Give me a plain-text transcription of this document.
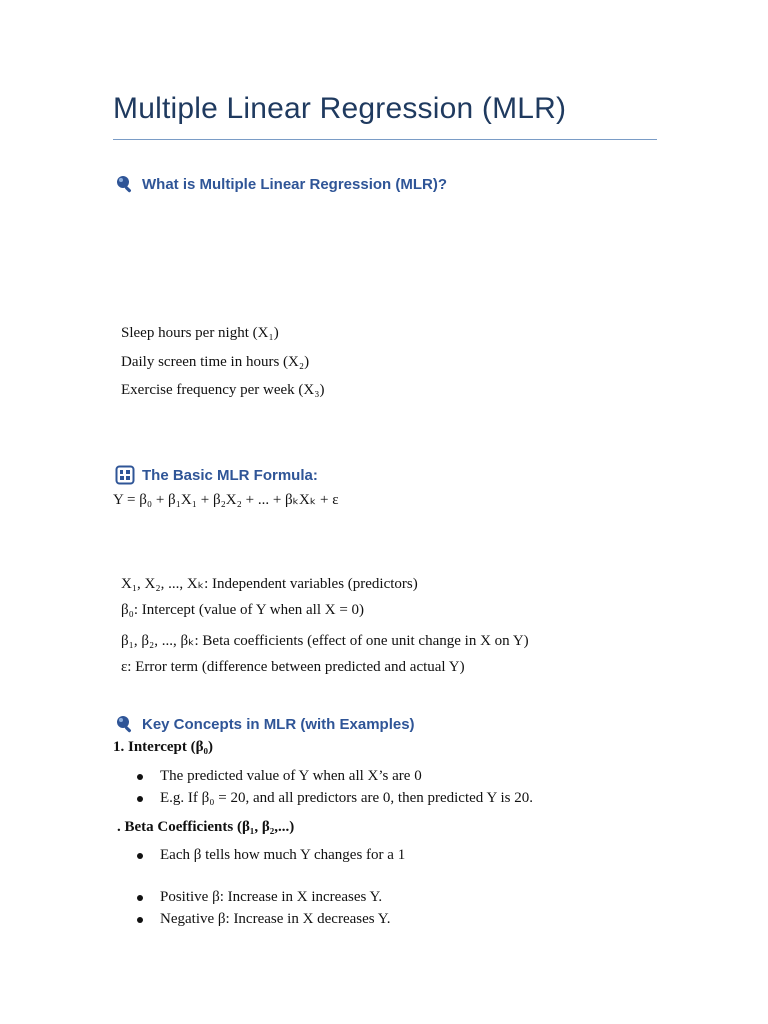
Multiple Linear Regression (MLR)
What is Multiple Linear Regression (MLR)?
Sleep hours per night (X₁)
Daily screen time in hours (X₂)
Exercise frequency per week (X₃)
The Basic MLR Formula:
Y = β₀ + β₁X₁ + β₂X₂ + ... + βₖXₖ + ε
X₁, X₂, ..., Xₖ: Independent variables (predictors)
β₀: Intercept (value of Y when all X = 0)
β₁, β₂, ..., βₖ: Beta coefficients (effect of one unit change in X on Y)
ε: Error term (difference between predicted and actual Y)
Key Concepts in MLR (with Examples)
1. Intercept (β₀)
The predicted value of Y when all X’s are 0
E.g. If β₀ = 20, and all predictors are 0, then predicted Y is 20.
. Beta Coefficients (β₁, β₂,...)
Each β tells how much Y changes for a 1
Positive β: Increase in X increases Y.
Negative β: Increase in X decreases Y.
